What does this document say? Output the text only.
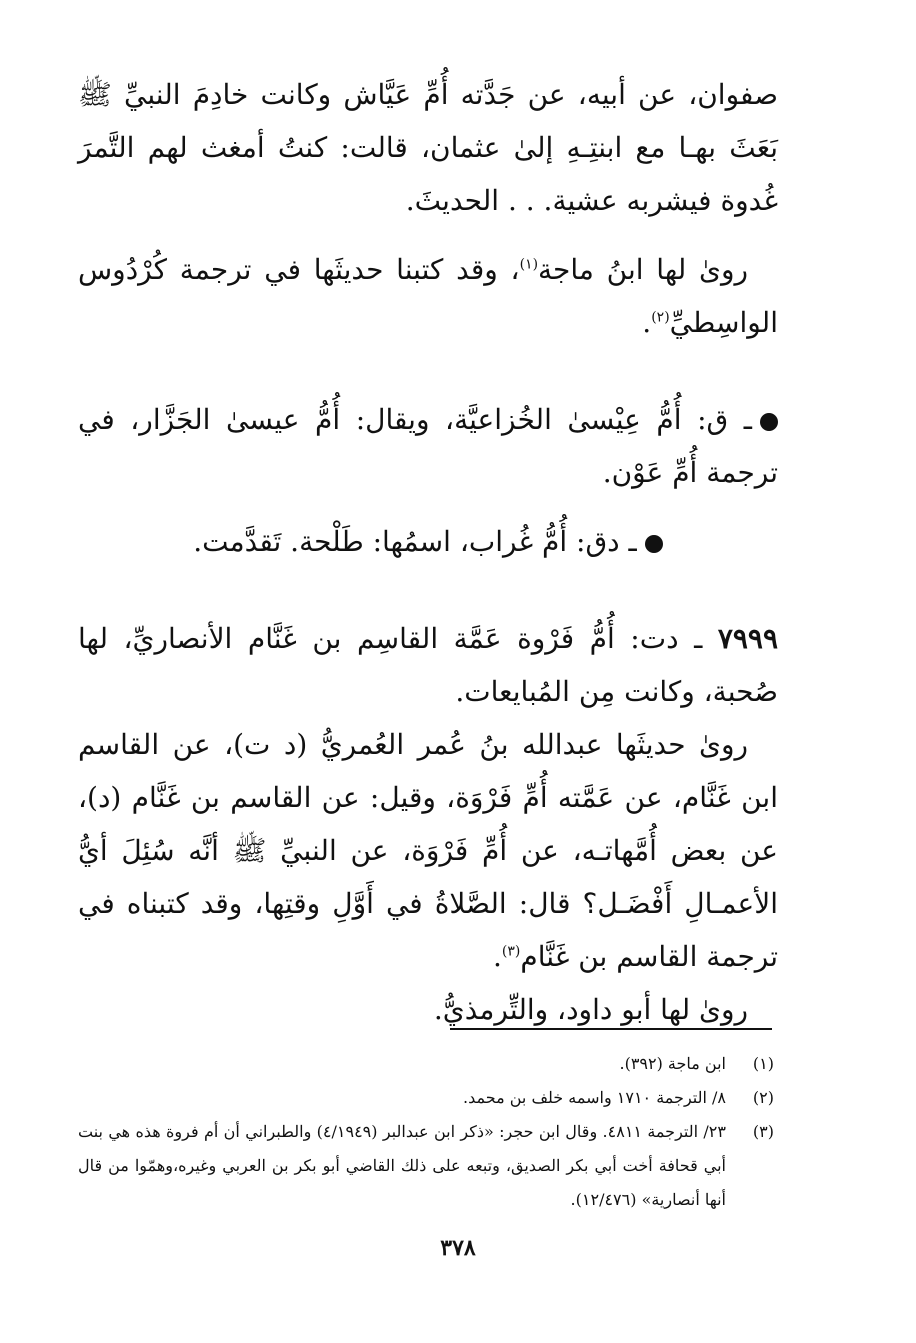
صفوان، عن أبيه، عن جَدَّته أُمِّ عَيَّاش وكانت خادِمَ النبيِّ ﷺ بَعَثَ بهـا مع ابنتِـهِ إلىٰ عثمان، قالت: كنتُ أمغث لهم التَّمرَ غُدوة فيشربه عشية. . . الحديثَ.

رویٰ لها ابنُ ماجة$^{(١)}$، وقد كتبنا حديثَها في ترجمة كُرْدُوس الواسِطيِّ$^{(٢)}$.

ـ ق: أُمُّ عِيْسىٰ الخُزاعيَّة، ويقال: أُمُّ عيسىٰ الجَزَّار، في ترجمة أُمِّ عَوْن.

ـ دق: أُمُّ غُراب، اسمُها: طَلْحة. تَقدَّمت.

٧٩٩٩ ـ دت: أُمُّ فَرْوة عَمَّة القاسِم بن غَنَّام الأنصاريِّ، لها صُحبة، وكانت مِن المُبايعات.

رویٰ حديثَها عبدالله بنُ عُمر العُمريُّ (د ت)، عن القاسم ابن غَنَّام، عن عَمَّته أُمِّ فَرْوَة، وقيل: عن القاسم بن غَنَّام (د)، عن بعض أُمَّهاتـه، عن أُمِّ فَرْوَة، عن النبيِّ ﷺ أنَّه سُئِلَ أيُّ الأعمـالِ أَفْضَـل؟ قال: الصَّلاةُ في أَوَّلِ وقتِها، وقد كتبناه في ترجمة القاسم بن غَنَّام$^{(٣)}$.

رویٰ لها أبو داود، والتِّرمذيُّ.

(١)
ابن ماجة (٣٩٢).
(٢)
٨/ الترجمة ١٧١٠ واسمه خلف بن محمد.
(٣)
٢٣/ الترجمة ٤٨١١. وقال ابن حجر: «ذكر ابن عبدالبر (٤/١٩٤٩) والطبراني أن أم فروة هذه هي بنت أبي قحافة أخت أبي بكر الصديق، وتبعه على ذلك القاضي أبو بكر بن العربي وغيره،وهمّوا من قال أنها أنصارية» (١٢/٤٧٦).
٣٧٨
